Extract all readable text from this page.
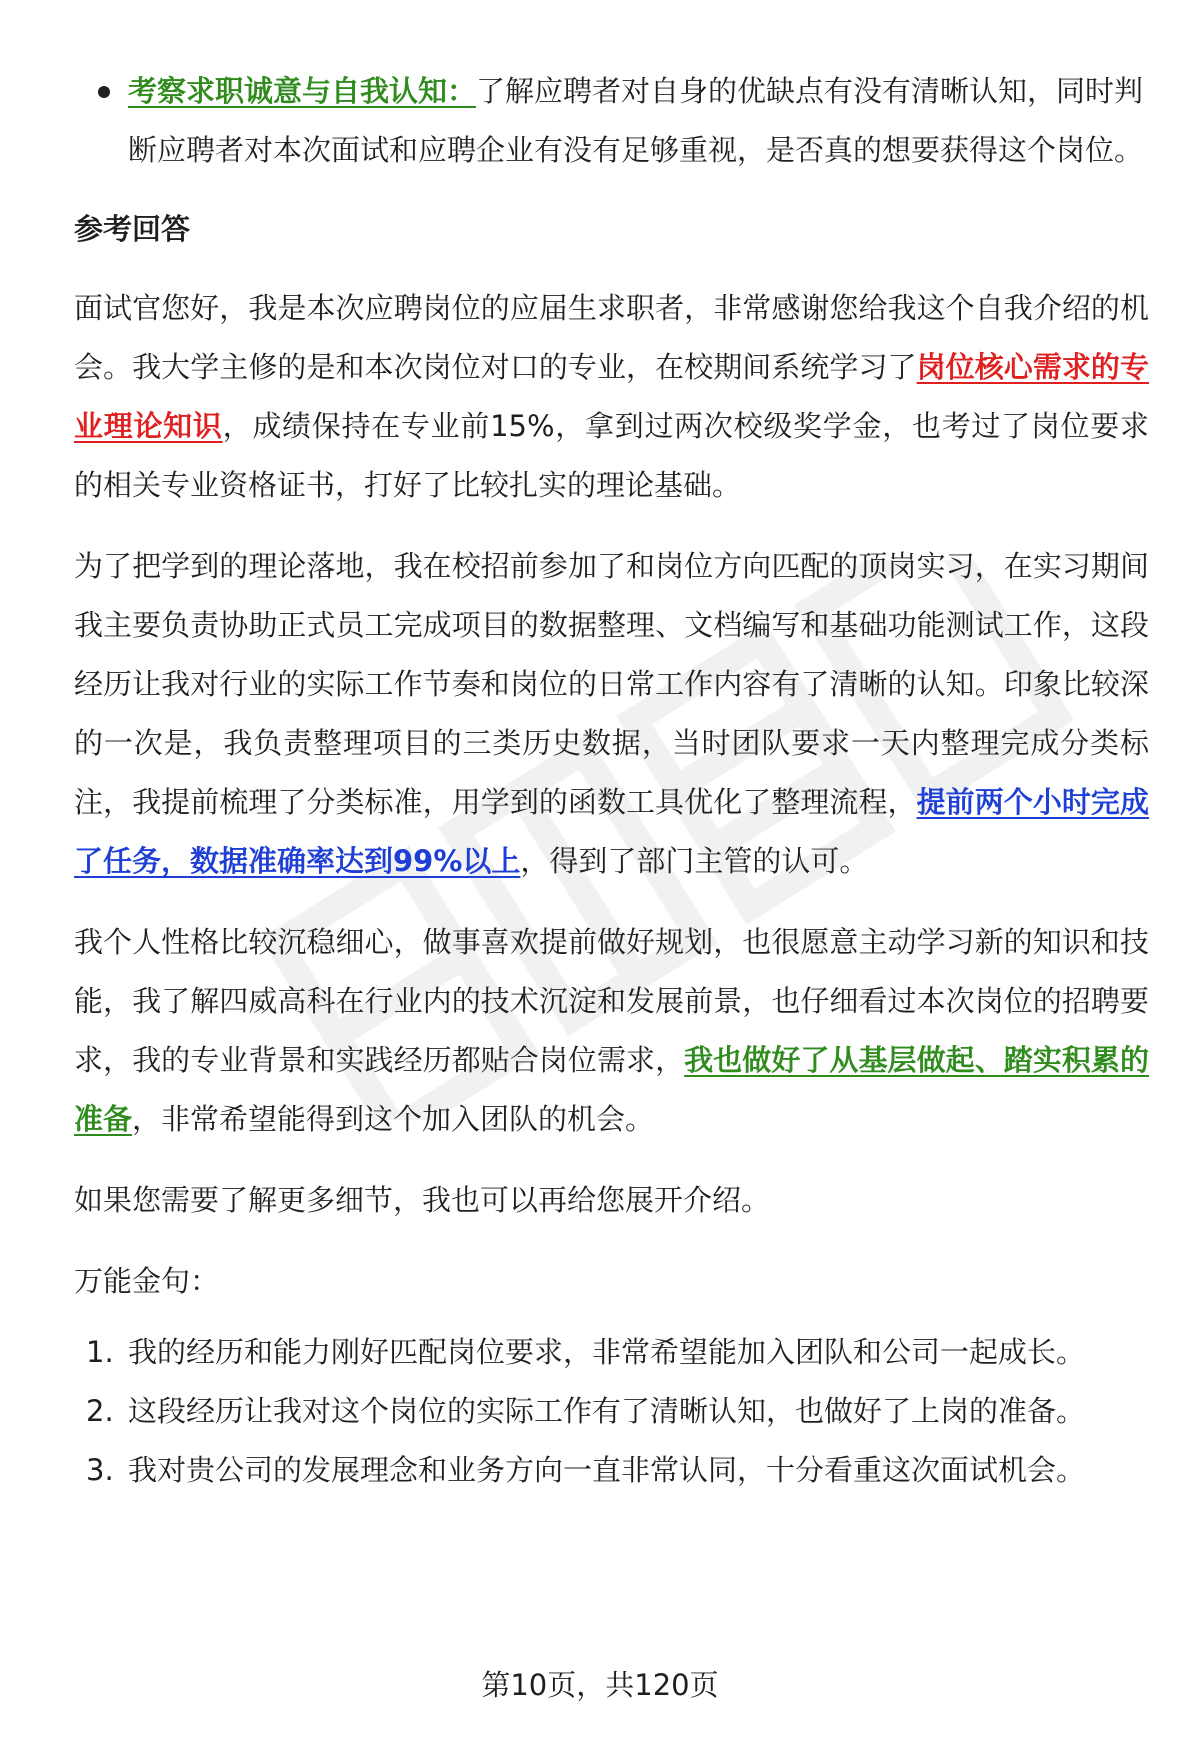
考察求职诚意与自我认知：了解应聘者对自身的优缺点有没有清晰认知，同时判断应聘者对本次面试和应聘企业有没有足够重视，是否真的想要获得这个岗位。
参考回答
面试官您好，我是本次应聘岗位的应届生求职者，非常感谢您给我这个自我介绍的机会。我大学主修的是和本次岗位对口的专业，在校期间系统学习了岗位核心需求的专业理论知识，成绩保持在专业前15%，拿到过两次校级奖学金，也考过了岗位要求的相关专业资格证书，打好了比较扎实的理论基础。
为了把学到的理论落地，我在校招前参加了和岗位方向匹配的顶岗实习，在实习期间我主要负责协助正式员工完成项目的数据整理、文档编写和基础功能测试工作，这段经历让我对行业的实际工作节奏和岗位的日常工作内容有了清晰的认知。印象比较深的一次是，我负责整理项目的三类历史数据，当时团队要求一天内整理完成分类标注，我提前梳理了分类标准，用学到的函数工具优化了整理流程，提前两个小时完成了任务，数据准确率达到99%以上，得到了部门主管的认可。
我个人性格比较沉稳细心，做事喜欢提前做好规划，也很愿意主动学习新的知识和技能，我了解四威高科在行业内的技术沉淀和发展前景，也仔细看过本次岗位的招聘要求，我的专业背景和实践经历都贴合岗位需求，我也做好了从基层做起、踏实积累的准备，非常希望能得到这个加入团队的机会。
如果您需要了解更多细节，我也可以再给您展开介绍。
万能金句：
1. 我的经历和能力刚好匹配岗位要求，非常希望能加入团队和公司一起成长。
2. 这段经历让我对这个岗位的实际工作有了清晰认知，也做好了上岗的准备。
3. 我对贵公司的发展理念和业务方向一直非常认同，十分看重这次面试机会。
第10页，共120页
